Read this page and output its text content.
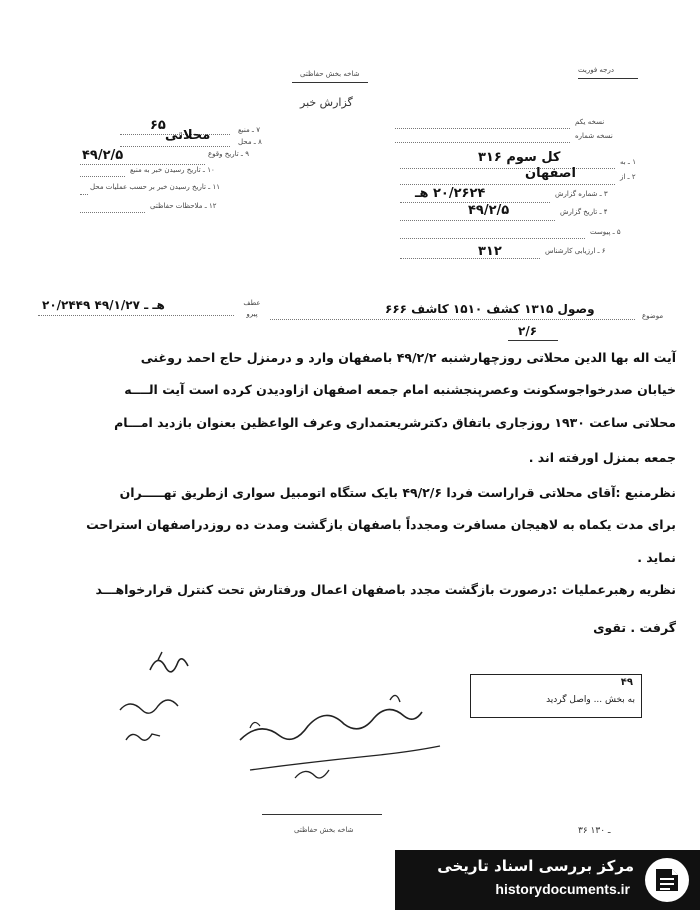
درجه فوریت
شاخه بخش حفاظتی
گزارش خبر
۷ ـ منبع
۶۵
۸ ـ محل
محلاتی
۹ ـ تاریخ وقوع
۴۹/۲/۵
۱۰ ـ تاریخ رسیدن خبر به منبع
۱۱ ـ تاریخ رسیدن خبر بر حسب عملیات محل
۱۲ ـ ملاحظات حفاظتی
نسخه یکم
نسخه شماره
۱ ـ به
کل سوم ۳۱۶
۲ ـ از
اصفهان
۳ ـ شماره گزارش
۲۰/۲۶۲۴ هـ
۴ ـ تاریخ گزارش
۴۹/۲/۵
۵ ـ پیوست
۶ ـ ارزیابی کارشناس
۳۱۲
عطف پیرو
۲۰/۲۴۴۹ هـ ـ ۴۹/۱/۲۷
موضوع
وصول ۱۳۱۵ کشف ۱۵۱۰ کاشف ۶۶۶
۲/۶
آیت اله بها الدین محلاتی روزچهارشنبه ۴۹/۲/۲ باصفهان وارد و درمنزل حاج احمد روغنی
خیابان صدرخواجوسکونت وعصرپنجشنبه امام جمعه اصفهان ازاودیدن کرده است آیت الــــه
محلاتی ساعت ۱۹۳۰ روزجاری باتفاق دکترشریعتمداری وعرف الواعظین بعنوان بازدید امـــام
جمعه بمنزل اورفته اند .
نظرمنبع :آقای محلاتی قراراست فردا ۴۹/۲/۶ بایک ستگاه اتومبیل سواری ازطریق تهـــــران
برای مدت یکماه به لاهیجان مسافرت ومجدداً باصفهان بازگشت ومدت ده روزدراصفهان استراحت
نماید .
نظریه رهبرعملیات :درصورت بازگشت مجدد باصفهان اعمال ورفتارش تحت کنترل قرارخواهـــد
گرفت . تقوی
۴۹
به بخش ... واصل گردید
شاخه بخش حفاظتی	۳۶ ـ ۱۳۰
مرکز بررسی اسناد تاریخی
historydocuments.ir
